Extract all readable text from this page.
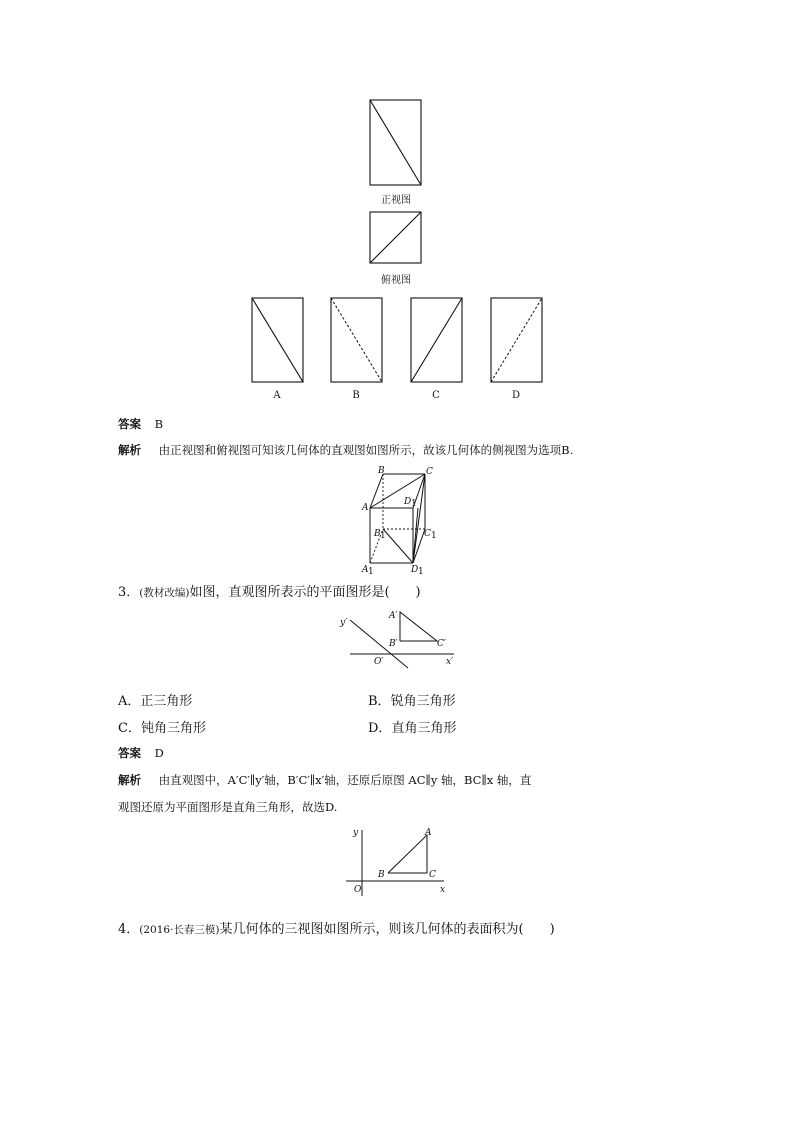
正视图
俯视图
A	B	C	D
答案 B
解析 由正视图和俯视图可知该几何体的直观图如图所示，故该几何体的侧视图为选项B.
B	C
A
D 1
C 1
B 1
A 1	D 1
3．(教材改编)如图，直观图所表示的平面图形是(　　)
y′
x′
O′
A′
B′	C′
A．正三角形	B．锐角三角形
C．钝角三角形	D．直角三角形
答案 D
解析 由直观图中，A′C′∥y′轴，B′C′∥x′轴，还原后原图 AC∥y 轴，BC∥x 轴，直
观图还原为平面图形是直角三角形，故选D.
y
x
O
A
B	C
4．(2016·长春三模)某几何体的三视图如图所示，则该几何体的表面积为(　　)
